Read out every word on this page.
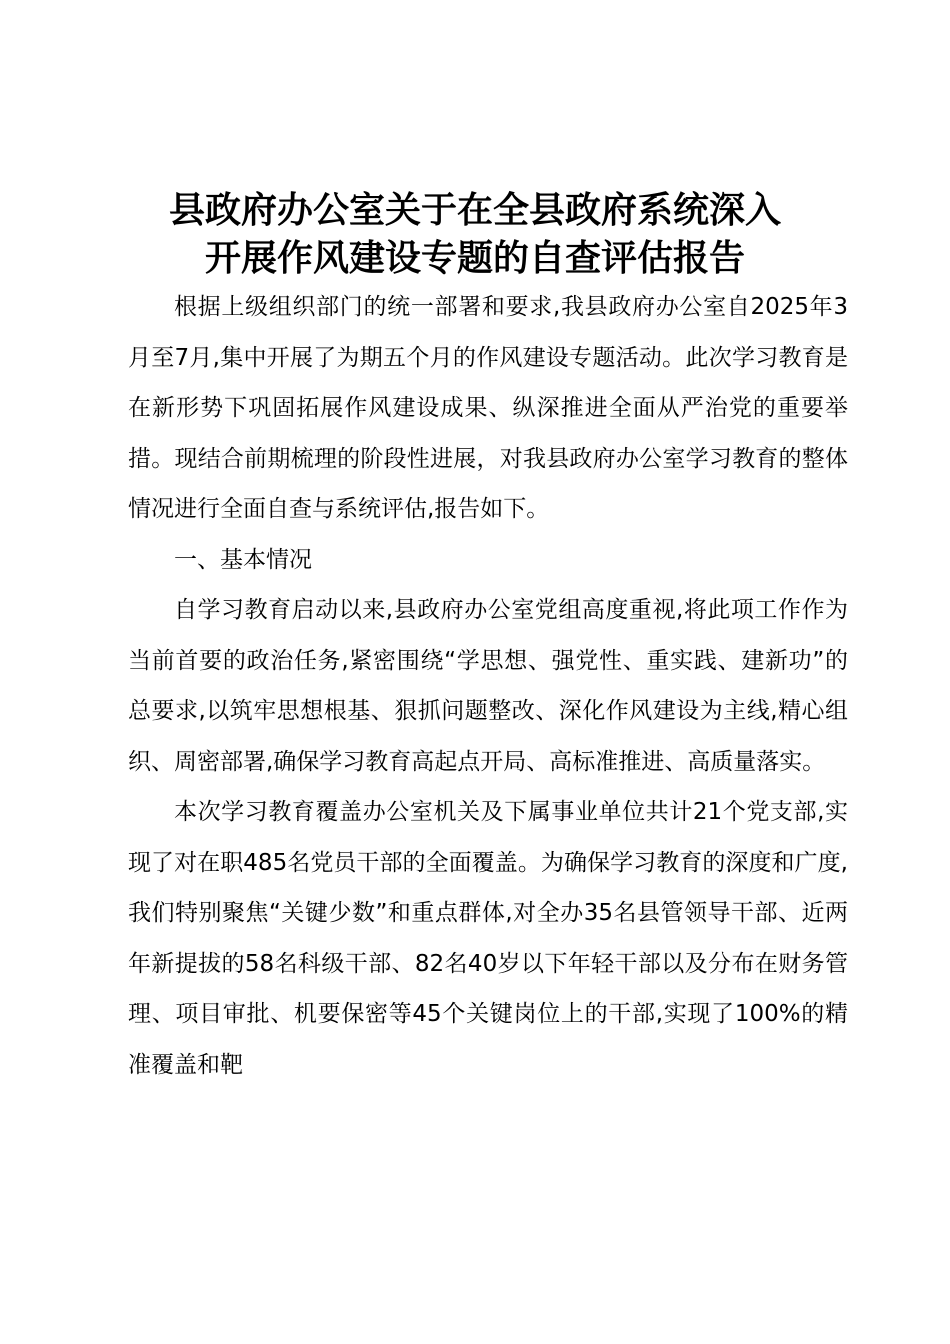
县政府办公室关于在全县政府系统深入
开展作风建设专题的自查评估报告

根据上级组织部门的统一部署和要求,我县政府办公室自2025年3月至7月,集中开展了为期五个月的作风建设专题活动。此次学习教育是在新形势下巩固拓展作风建设成果、纵深推进全面从严治党的重要举措。现结合前期梳理的阶段性进展，对我县政府办公室学习教育的整体情况进行全面自查与系统评估,报告如下。

一、基本情况

自学习教育启动以来,县政府办公室党组高度重视,将此项工作作为当前首要的政治任务,紧密围绕“学思想、强党性、重实践、建新功”的总要求,以筑牢思想根基、狠抓问题整改、深化作风建设为主线,精心组织、周密部署,确保学习教育高起点开局、高标准推进、高质量落实。

本次学习教育覆盖办公室机关及下属事业单位共计21个党支部,实现了对在职485名党员干部的全面覆盖。为确保学习教育的深度和广度,我们特别聚焦“关键少数”和重点群体,对全办35名县管领导干部、近两年新提拔的58名科级干部、82名40岁以下年轻干部以及分布在财务管理、项目审批、机要保密等45个关键岗位上的干部,实现了100%的精准覆盖和靶
